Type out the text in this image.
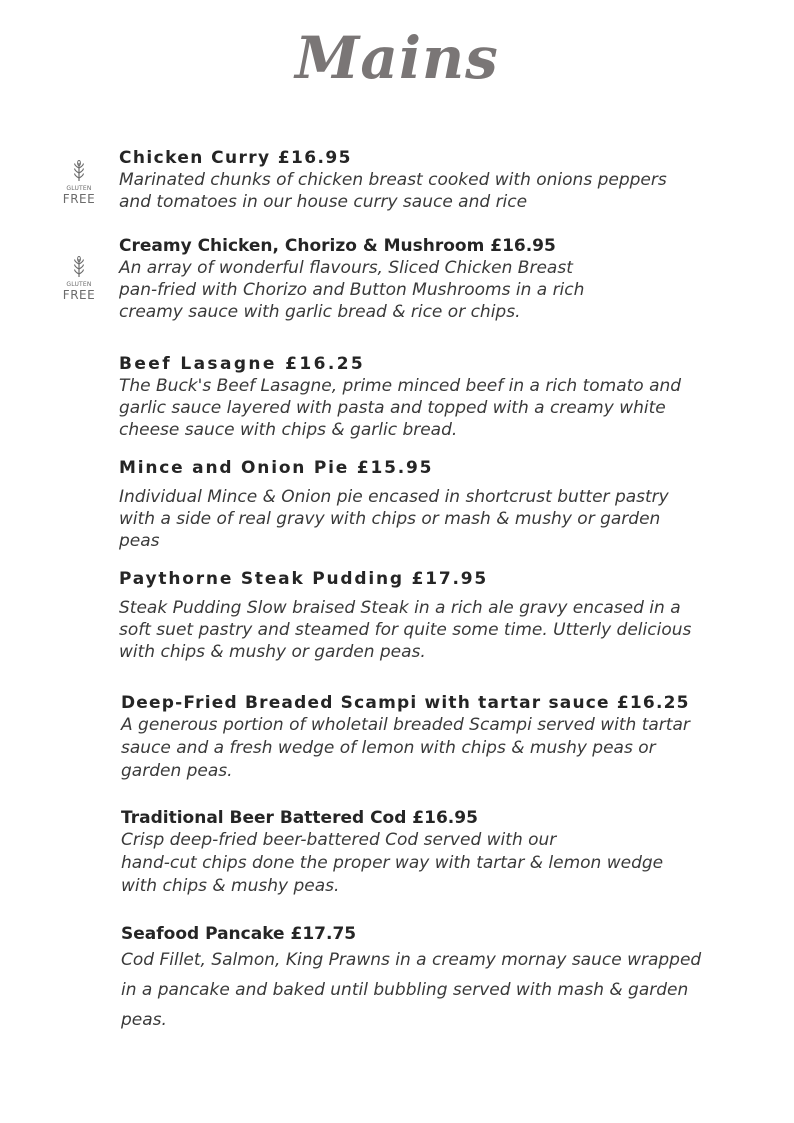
Mains
GLUTEN
FREE
GLUTEN
FREE
Chicken Curry £16.95

Marinated chunks of chicken breast cooked with onions peppers

and tomatoes in our house curry sauce and rice

Creamy Chicken, Chorizo & Mushroom £16.95

An array of wonderful flavours, Sliced Chicken Breast

pan-fried with Chorizo and Button Mushrooms in a rich

creamy sauce with garlic bread & rice or chips.

Beef Lasagne £16.25

The Buck's Beef Lasagne, prime minced beef in a rich tomato and

garlic sauce layered with pasta and topped with a creamy white

cheese sauce with chips & garlic bread.

Mince and Onion Pie £15.95

Individual Mince & Onion pie encased in shortcrust butter pastry

with a side of real gravy with chips or mash & mushy or garden

peas

Paythorne Steak Pudding £17.95

Steak Pudding Slow braised Steak in a rich ale gravy encased in a

soft suet pastry and steamed for quite some time. Utterly delicious

with chips & mushy or garden peas.

Deep-Fried Breaded Scampi with tartar sauce £16.25

A generous portion of wholetail breaded Scampi served with tartar

sauce and a fresh wedge of lemon with chips & mushy peas or

garden peas.

Traditional Beer Battered Cod £16.95

Crisp deep-fried beer-battered Cod served with our

hand-cut chips done the proper way with tartar & lemon wedge

with chips & mushy peas.

Seafood Pancake £17.75

Cod Fillet, Salmon, King Prawns in a creamy mornay sauce wrapped

in a pancake and baked until bubbling served with mash & garden

peas.
